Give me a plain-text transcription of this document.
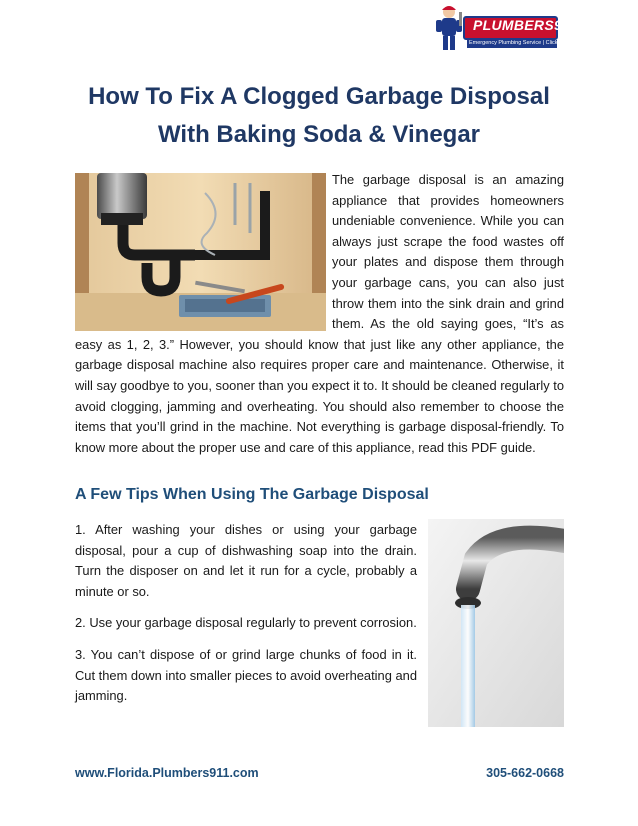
PLUMBERS911
Emergency Plumbing Service | Click Away
How To Fix A Clogged Garbage Disposal With Baking Soda & Vinegar
The garbage disposal is an amazing appliance that provides homeowners undeniable convenience. While you can always just scrape the food wastes off your plates and dispose them through your garbage cans, you can also just throw them into the sink drain and grind them. As the old saying goes, “It’s as easy as 1, 2, 3.” However, you should know that just like any other appliance, the garbage disposal machine also requires proper care and maintenance. Otherwise, it will say goodbye to you, sooner than you expect it to. It should be cleaned regularly to avoid clogging, jamming and overheating. You should also remember to choose the items that you’ll grind in the machine. Not everything is garbage disposal-friendly. To know more about the proper use and care of this appliance, read this PDF guide.
A Few Tips When Using The Garbage Disposal

1. After washing your dishes or using your garbage disposal, pour a cup of dishwashing soap into the drain. Turn the disposer on and let it run for a cycle, probably a minute or so.

2. Use your garbage disposal regularly to prevent corrosion.

3. You can’t dispose of or grind large chunks of food in it. Cut them down into smaller pieces to avoid overheating and jamming.

www.Florida.Plumbers911.com	305-662-0668
